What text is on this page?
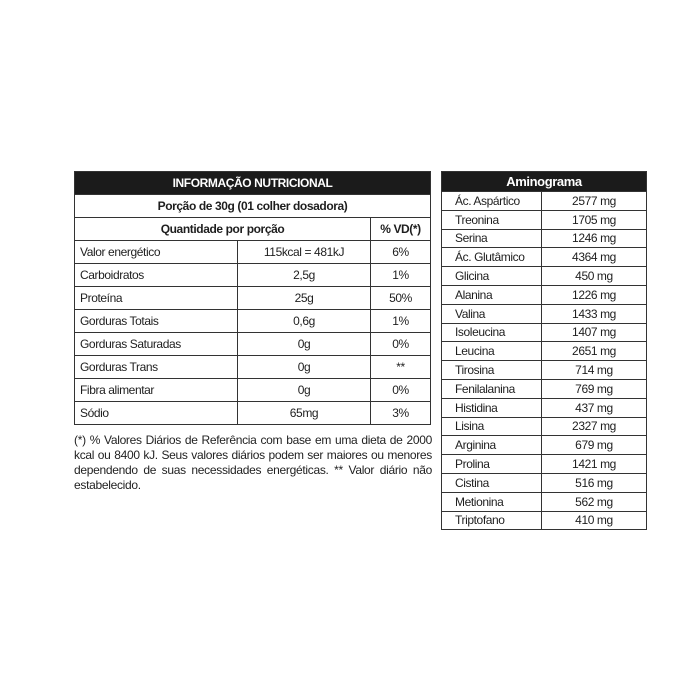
INFORMAÇÃO NUTRICIONAL		
Porção de 30g (01 colher dosadora)		
Quantidade por porção		% VD(*)
Valor energético	115kcal = 481kJ	6%
Carboidratos	2,5g	1%
Proteína	25g	50%
Gorduras Totais	0,6g	1%
Gorduras Saturadas	0g	0%
Gorduras Trans	0g	**
Fibra alimentar	0g	0%
Sódio	65mg	3%
(*) % Valores Diários de Referência com base em uma dieta de 2000 kcal ou 8400 kJ. Seus valores diários podem ser maiores ou menores dependendo de suas necessidades energéticas. ** Valor diário não estabelecido.
Aminograma	
Ác. Aspártico	2577 mg
Treonina	1705 mg
Serina	1246 mg
Ác. Glutâmico	4364 mg
Glicina	450 mg
Alanina	1226 mg
Valina	1433 mg
Isoleucina	1407 mg
Leucina	2651 mg
Tirosina	714 mg
Fenilalanina	769 mg
Histidina	437 mg
Lisina	2327 mg
Arginina	679 mg
Prolina	1421 mg
Cistina	516 mg
Metionina	562 mg
Triptofano	410 mg
